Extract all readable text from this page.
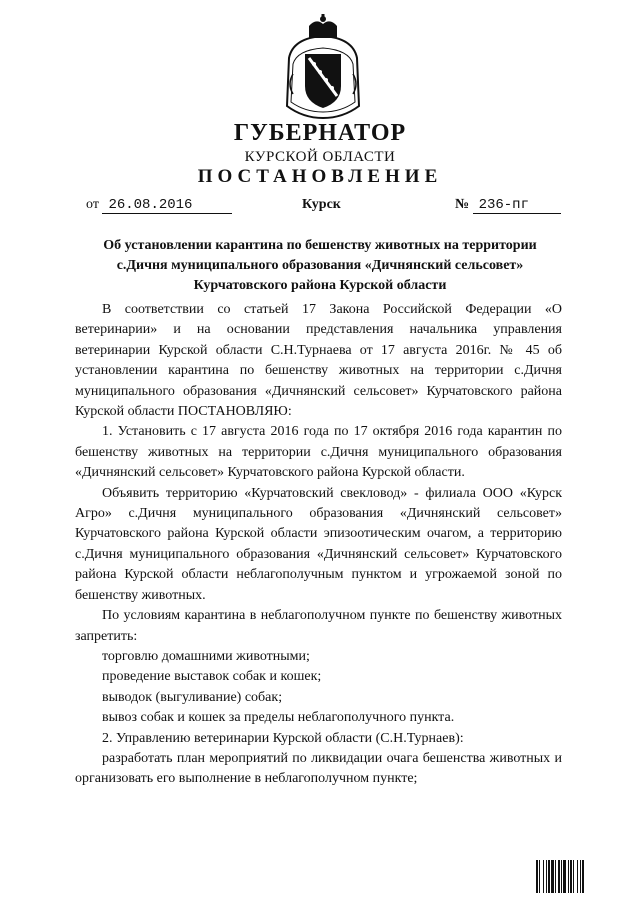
ГУБЕРНАТОР
КУРСКОЙ ОБЛАСТИ
ПОСТАНОВЛЕНИЕ
от 26.08.2016	Курск	№ 236-пг
Об установлении карантина по бешенству животных на территории
с.Дичня муниципального образования «Дичнянский сельсовет»
Курчатовского района Курской области

В соответствии со статьей 17 Закона Российской Федерации «О ветеринарии» и на основании представления начальника управления ветеринарии Курской области С.Н.Турнаева от 17 августа 2016г. № 45 об установлении карантина по бешенству животных на территории с.Дичня муниципального образования «Дичнянский сельсовет» Курчатовского района Курской области ПОСТАНОВЛЯЮ:

1. Установить с 17 августа 2016 года по 17 октября 2016 года карантин по бешенству животных на территории с.Дичня муниципального образования «Дичнянский сельсовет» Курчатовского района Курской области.

Объявить территорию «Курчатовский свекловод» - филиала ООО «Курск Агро» с.Дичня муниципального образования «Дичнянский сельсовет» Курчатовского района Курской области эпизоотическим очагом, а территорию с.Дичня муниципального образования «Дичнянский сельсовет» Курчатовского района Курской области неблагополучным пунктом и угрожаемой зоной по бешенству животных.

По условиям карантина в неблагополучном пункте по бешенству животных запретить:

торговлю домашними животными;

проведение выставок собак и кошек;

выводок (выгуливание) собак;

вывоз собак и кошек за пределы неблагополучного пункта.

2. Управлению ветеринарии Курской области (С.Н.Турнаев):

разработать план мероприятий по ликвидации очага бешенства животных и организовать его выполнение в неблагополучном пункте;
